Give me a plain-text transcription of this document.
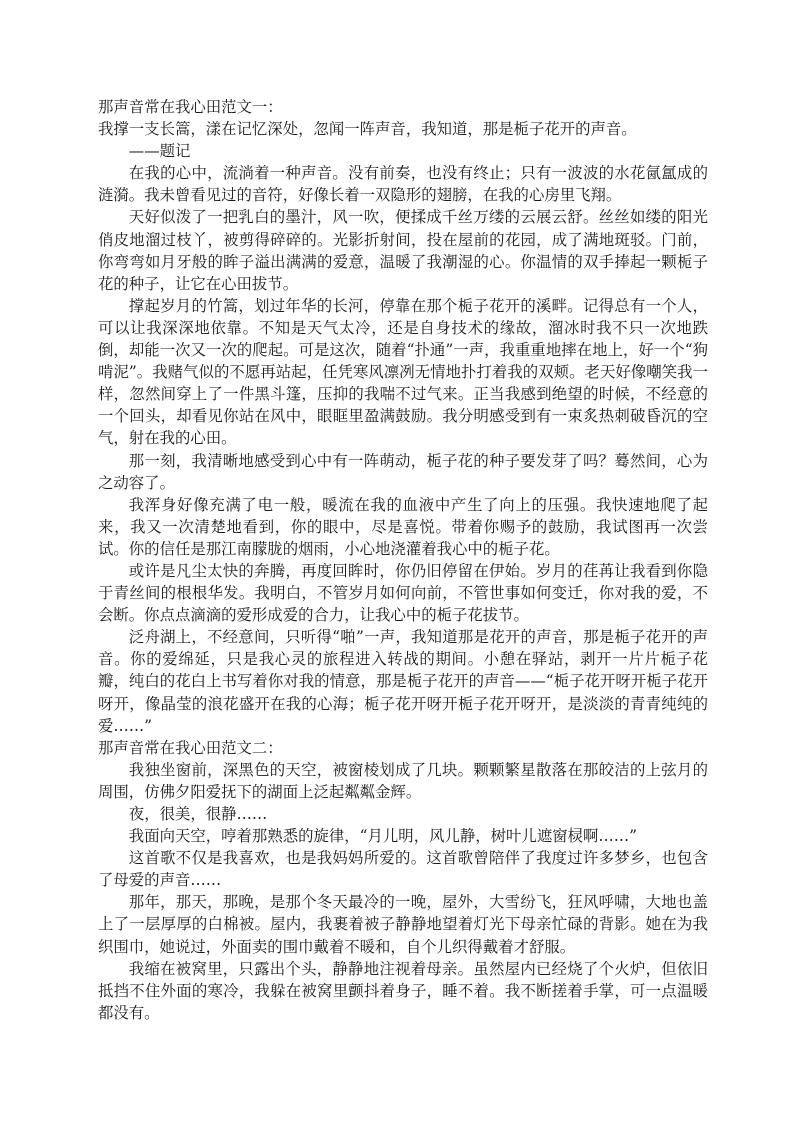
那声音常在我心田范文一：

我撑一支长篙，漾在记忆深处，忽闻一阵声音，我知道，那是栀子花开的声音。

——题记

在我的心中，流淌着一种声音。没有前奏，也没有终止；只有一波波的水花氤氲成的涟漪。我未曾看见过的音符，好像长着一双隐形的翅膀，在我的心房里飞翔。

天好似泼了一把乳白的墨汁，风一吹，便揉成千丝万缕的云展云舒。丝丝如缕的阳光俏皮地溜过枝丫，被剪得碎碎的。光影折射间，投在屋前的花园，成了满地斑驳。门前，你弯弯如月牙般的眸子溢出满满的爱意，温暖了我潮湿的心。你温情的双手捧起一颗栀子花的种子，让它在心田拔节。

撑起岁月的竹篙，划过年华的长河，停靠在那个栀子花开的溪畔。记得总有一个人，可以让我深深地依靠。不知是天气太冷，还是自身技术的缘故，溜冰时我不只一次地跌倒，却能一次又一次的爬起。可是这次，随着“扑通”一声，我重重地摔在地上，好一个“狗啃泥”。我赌气似的不愿再站起，任凭寒风凛冽无情地扑打着我的双颊。老天好像嘲笑我一样，忽然间穿上了一件黑斗篷，压抑的我喘不过气来。正当我感到绝望的时候，不经意的一个回头，却看见你站在风中，眼眶里盈满鼓励。我分明感受到有一束炙热刺破昏沉的空气，射在我的心田。

那一刻，我清晰地感受到心中有一阵萌动，栀子花的种子要发芽了吗？蓦然间，心为之动容了。

我浑身好像充满了电一般，暖流在我的血液中产生了向上的压强。我快速地爬了起来，我又一次清楚地看到，你的眼中，尽是喜悦。带着你赐予的鼓励，我试图再一次尝试。你的信任是那江南朦胧的烟雨，小心地浇灌着我心中的栀子花。

或许是凡尘太快的奔腾，再度回眸时，你仍旧停留在伊始。岁月的荏苒让我看到你隐于青丝间的根根华发。我明白，不管岁月如何向前，不管世事如何变迁，你对我的爱，不会断。你点点滴滴的爱形成爱的合力，让我心中的栀子花拔节。

泛舟湖上，不经意间，只听得“啪”一声，我知道那是花开的声音，那是栀子花开的声音。你的爱绵延，只是我心灵的旅程进入转战的期间。小憩在驿站，剥开一片片栀子花瓣，纯白的花白上书写着你对我的情意，那是栀子花开的声音——“栀子花开呀开栀子花开呀开，像晶莹的浪花盛开在我的心海；栀子花开呀开栀子花开呀开，是淡淡的青青纯纯的爱……”

那声音常在我心田范文二：

我独坐窗前，深黑色的天空，被窗棱划成了几块。颗颗繁星散落在那皎洁的上弦月的周围，仿佛夕阳爱抚下的湖面上泛起粼粼金辉。

夜，很美，很静……

我面向天空，哼着那熟悉的旋律，“月儿明，风儿静，树叶儿遮窗棂啊……”

这首歌不仅是我喜欢，也是我妈妈所爱的。这首歌曾陪伴了我度过许多梦乡，也包含了母爱的声音……

那年，那天，那晚，是那个冬天最冷的一晚，屋外，大雪纷飞，狂风呼啸，大地也盖上了一层厚厚的白棉被。屋内，我裹着被子静静地望着灯光下母亲忙碌的背影。她在为我织围巾，她说过，外面卖的围巾戴着不暖和，自个儿织得戴着才舒服。

我缩在被窝里，只露出个头，静静地注视着母亲。虽然屋内已经烧了个火炉，但依旧抵挡不住外面的寒冷，我躲在被窝里颤抖着身子，睡不着。我不断搓着手掌，可一点温暖都没有。
